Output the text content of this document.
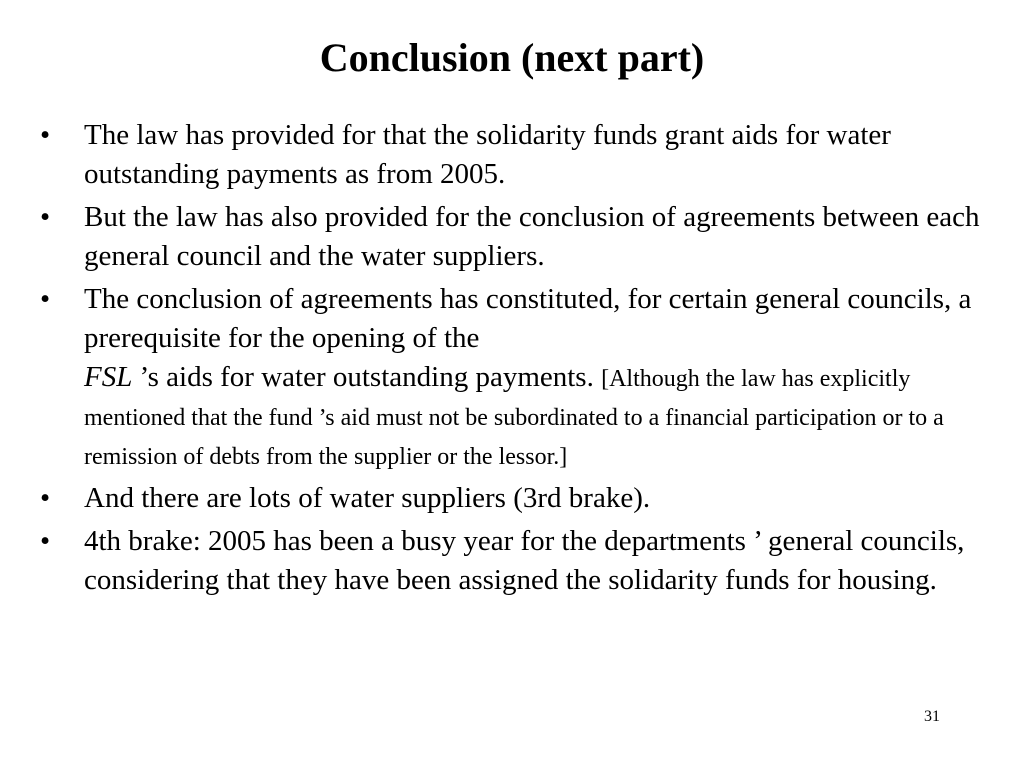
Conclusion (next part)
•	The law has provided for that the solidarity funds grant aids for water outstanding payments as from 2005.
•	But the law has also provided for the conclusion of agreements between each general council and the water suppliers.
•	The conclusion of agreements has constituted, for certain general councils, a prerequisite for the opening of the
FSL ’s aids for water outstanding payments. [Although the law has explicitly mentioned that the fund ’s aid must not be subordinated to a financial participation or to a remission of debts from the supplier or the lessor.]
•	And there are lots of water suppliers (3rd brake).
•	4th brake: 2005 has been a busy year for the departments ’ general councils, considering that they have been assigned the solidarity funds for housing.
31
